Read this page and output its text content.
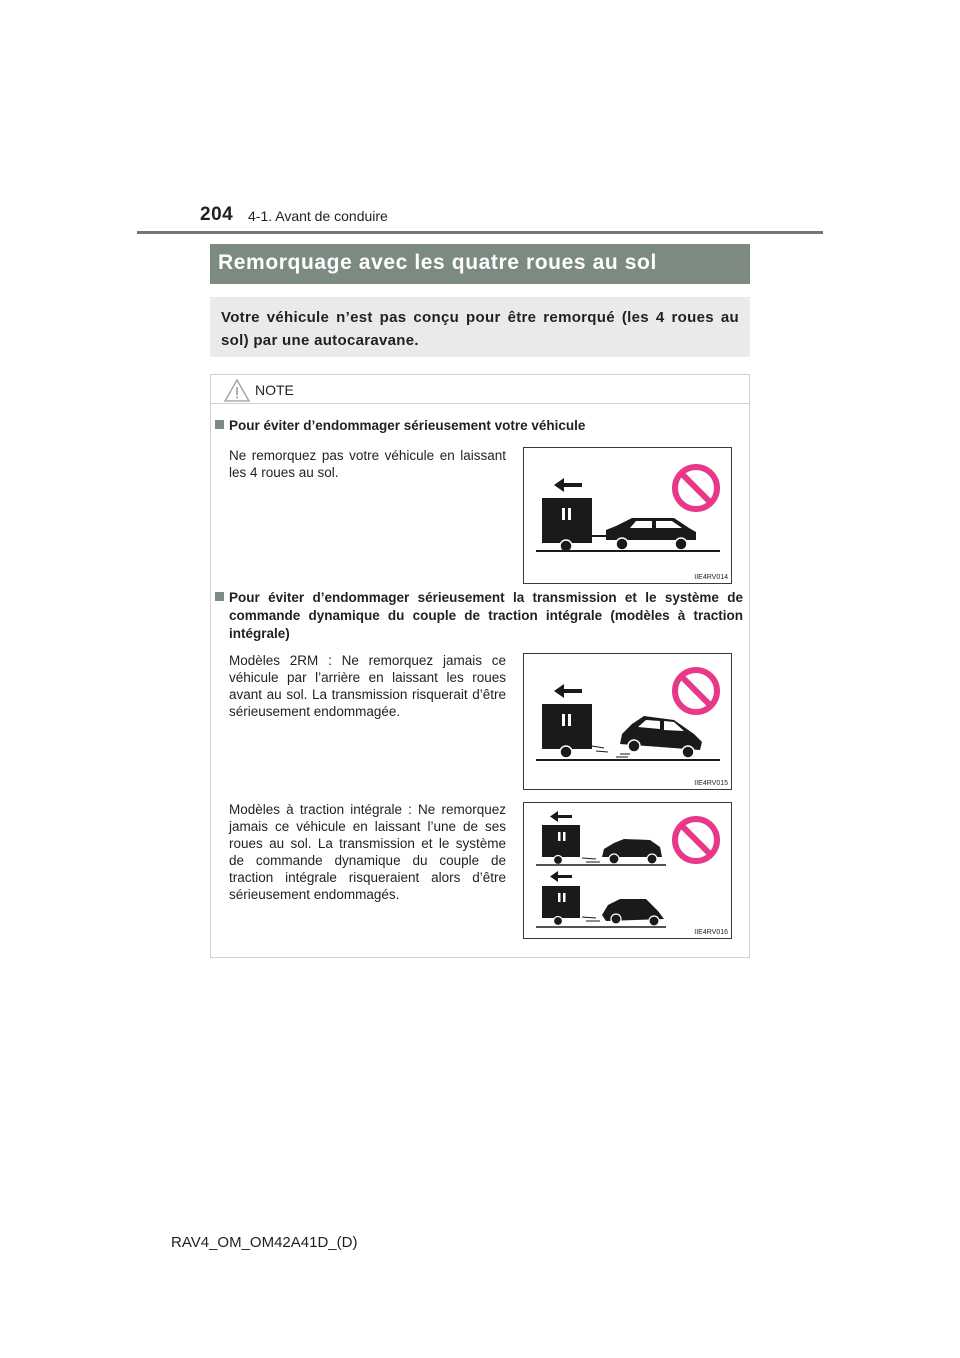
204 4-1. Avant de conduire
Remorquage avec les quatre roues au sol

Votre véhicule n’est pas conçu pour être remorqué (les 4 roues au sol) par une autocaravane.

NOTE
Pour éviter d’endommager sérieusement votre véhicule
Ne remorquez pas votre véhicule en laissant les 4 roues au sol.
IIE4RV014
Pour éviter d’endommager sérieusement la transmission et le système de commande dynamique du couple de traction intégrale (modèles à traction intégrale)
Modèles 2RM : Ne remorquez jamais ce véhicule par l’arrière en laissant les roues avant au sol. La transmission risquerait d’être sérieusement endommagée.
IIE4RV015
Modèles à traction intégrale : Ne remorquez jamais ce véhicule en laissant l’une de ses roues au sol. La transmission et le système de commande dynamique du couple de traction intégrale risqueraient alors d’être sérieusement endommagés.
IIE4RV016
RAV4_OM_OM42A41D_(D)
